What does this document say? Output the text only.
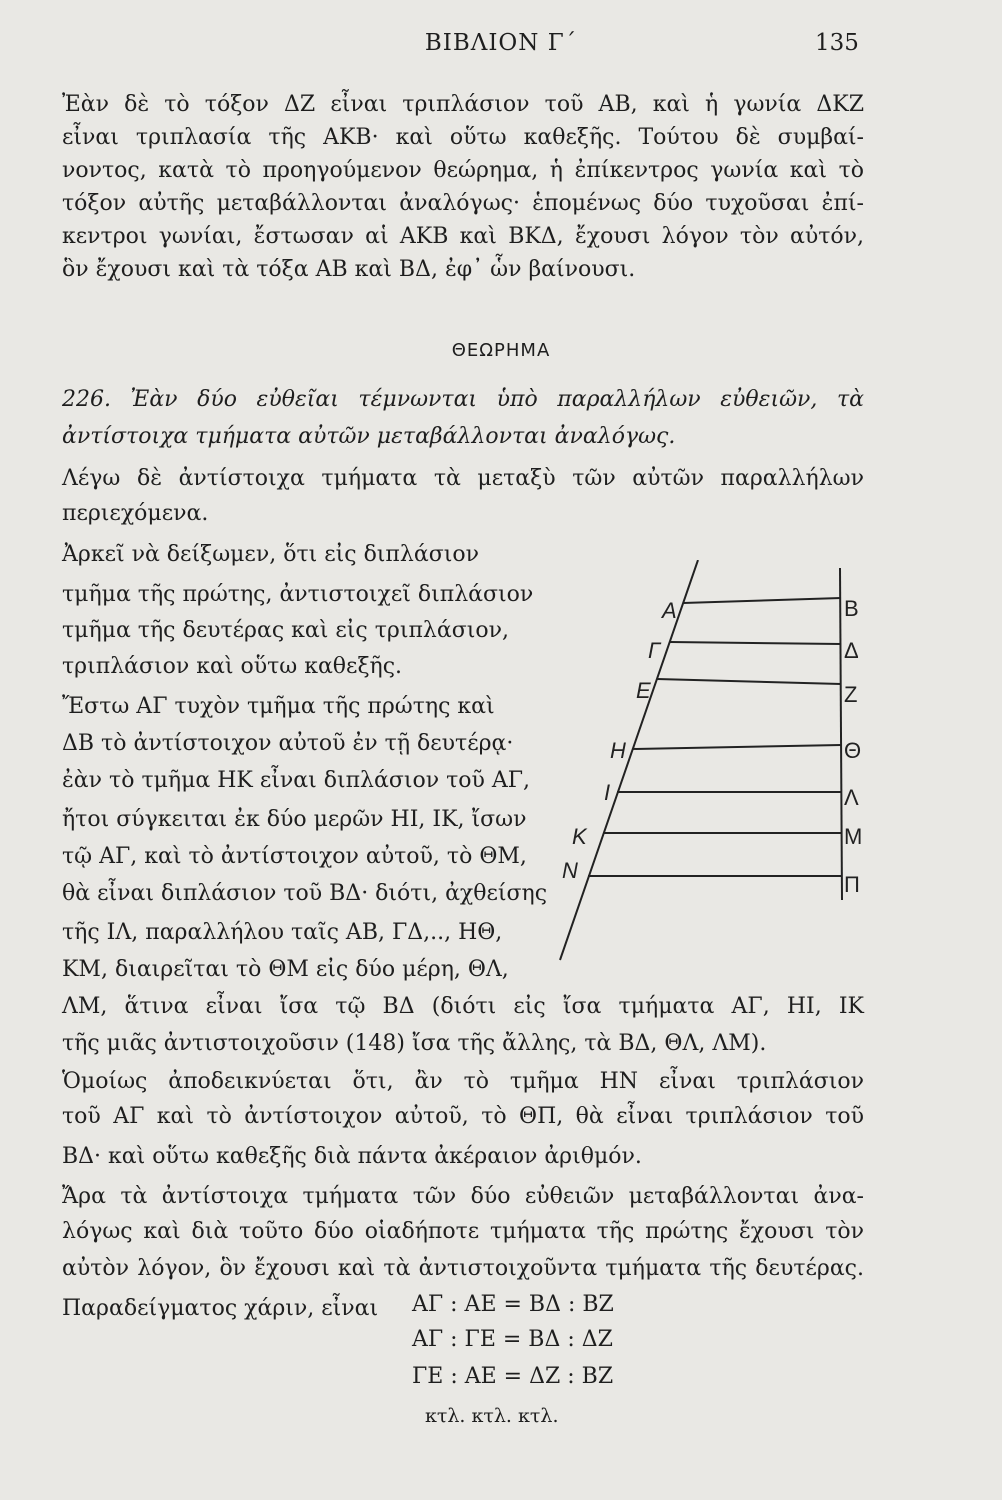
ΒΙΒΛΙΟΝ Γ΄	135
Ἐὰν δὲ τὸ τόξον ΔΖ εἶναι τριπλάσιον τοῦ ΑΒ, καὶ ἡ γωνία ΔΚΖ
εἶναι τριπλασία τῆς ΑΚΒ· καὶ οὕτω καθεξῆς. Τούτου δὲ συμβαί-
νοντος, κατὰ τὸ προηγούμενον θεώρημα, ἡ ἐπίκεντρος γωνία καὶ τὸ
τόξον αὐτῆς μεταβάλλονται ἀναλόγως· ἑπομένως δύο τυχοῦσαι ἐπί-
κεντροι γωνίαι, ἔστωσαν αἱ ΑΚΒ καὶ ΒΚΔ, ἔχουσι λόγον τὸν αὐτόν,
ὃν ἔχουσι καὶ τὰ τόξα ΑΒ καὶ ΒΔ, ἐφ᾽ ὧν βαίνουσι.
ΘΕΩΡΗΜΑ
226. Ἐὰν δύο εὐθεῖαι τέμνωνται ὑπὸ παραλλήλων εὐθειῶν, τὰ
ἀντίστοιχα τμήματα αὐτῶν μεταβάλλονται ἀναλόγως.
Λέγω δὲ ἀντίστοιχα τμήματα τὰ μεταξὺ τῶν αὐτῶν παραλλήλων
περιεχόμενα.
Ἀρκεῖ νὰ δείξωμεν, ὅτι εἰς διπλάσιον
τμῆμα τῆς πρώτης, ἀντιστοιχεῖ διπλάσιον
τμῆμα τῆς δευτέρας καὶ εἰς τριπλάσιον,
τριπλάσιον καὶ οὕτω καθεξῆς.
Ἔστω ΑΓ τυχὸν τμῆμα τῆς πρώτης καὶ
ΔΒ τὸ ἀντίστοιχον αὐτοῦ ἐν τῇ δευτέρᾳ·
ἐὰν τὸ τμῆμα ΗΚ εἶναι διπλάσιον τοῦ ΑΓ,
ἤτοι σύγκειται ἐκ δύο μερῶν ΗΙ, ΙΚ, ἴσων
τῷ ΑΓ, καὶ τὸ ἀντίστοιχον αὐτοῦ, τὸ ΘΜ,
θὰ εἶναι διπλάσιον τοῦ ΒΔ· διότι, ἀχθείσης
τῆς ΙΛ, παραλλήλου ταῖς ΑΒ, ΓΔ,.., ΗΘ,
ΚΜ, διαιρεῖται τὸ ΘΜ εἰς δύο μέρη, ΘΛ,
ΛΜ, ἅτινα εἶναι ἴσα τῷ ΒΔ (διότι εἰς ἴσα τμήματα ΑΓ, ΗΙ, ΙΚ
τῆς μιᾶς ἀντιστοιχοῦσιν (148) ἴσα τῆς ἄλλης, τὰ ΒΔ, ΘΛ, ΛΜ).
Ὁμοίως ἀποδεικνύεται ὅτι, ἂν τὸ τμῆμα ΗΝ εἶναι τριπλάσιον
τοῦ ΑΓ καὶ τὸ ἀντίστοιχον αὐτοῦ, τὸ ΘΠ, θὰ εἶναι τριπλάσιον τοῦ
ΒΔ· καὶ οὕτω καθεξῆς διὰ πάντα ἀκέραιον ἀριθμόν.
Ἄρα τὰ ἀντίστοιχα τμήματα τῶν δύο εὐθειῶν μεταβάλλονται ἀνα-
λόγως καὶ διὰ τοῦτο δύο οἱαδήποτε τμήματα τῆς πρώτης ἔχουσι τὸν
αὐτὸν λόγον, ὃν ἔχουσι καὶ τὰ ἀντιστοιχοῦντα τμήματα τῆς δευτέρας.
Παραδείγματος χάριν, εἶναι ΑΓ : ΑΕ = ΒΔ : ΒΖ
ΑΓ : ΓΕ = ΒΔ : ΔΖ
ΓΕ : ΑΕ = ΔΖ : ΒΖ
κτλ. κτλ. κτλ.
Α
Γ
Ε
Η
Ι
Κ
Ν
Β
Δ
Ζ
Θ
Λ
Μ
Π
